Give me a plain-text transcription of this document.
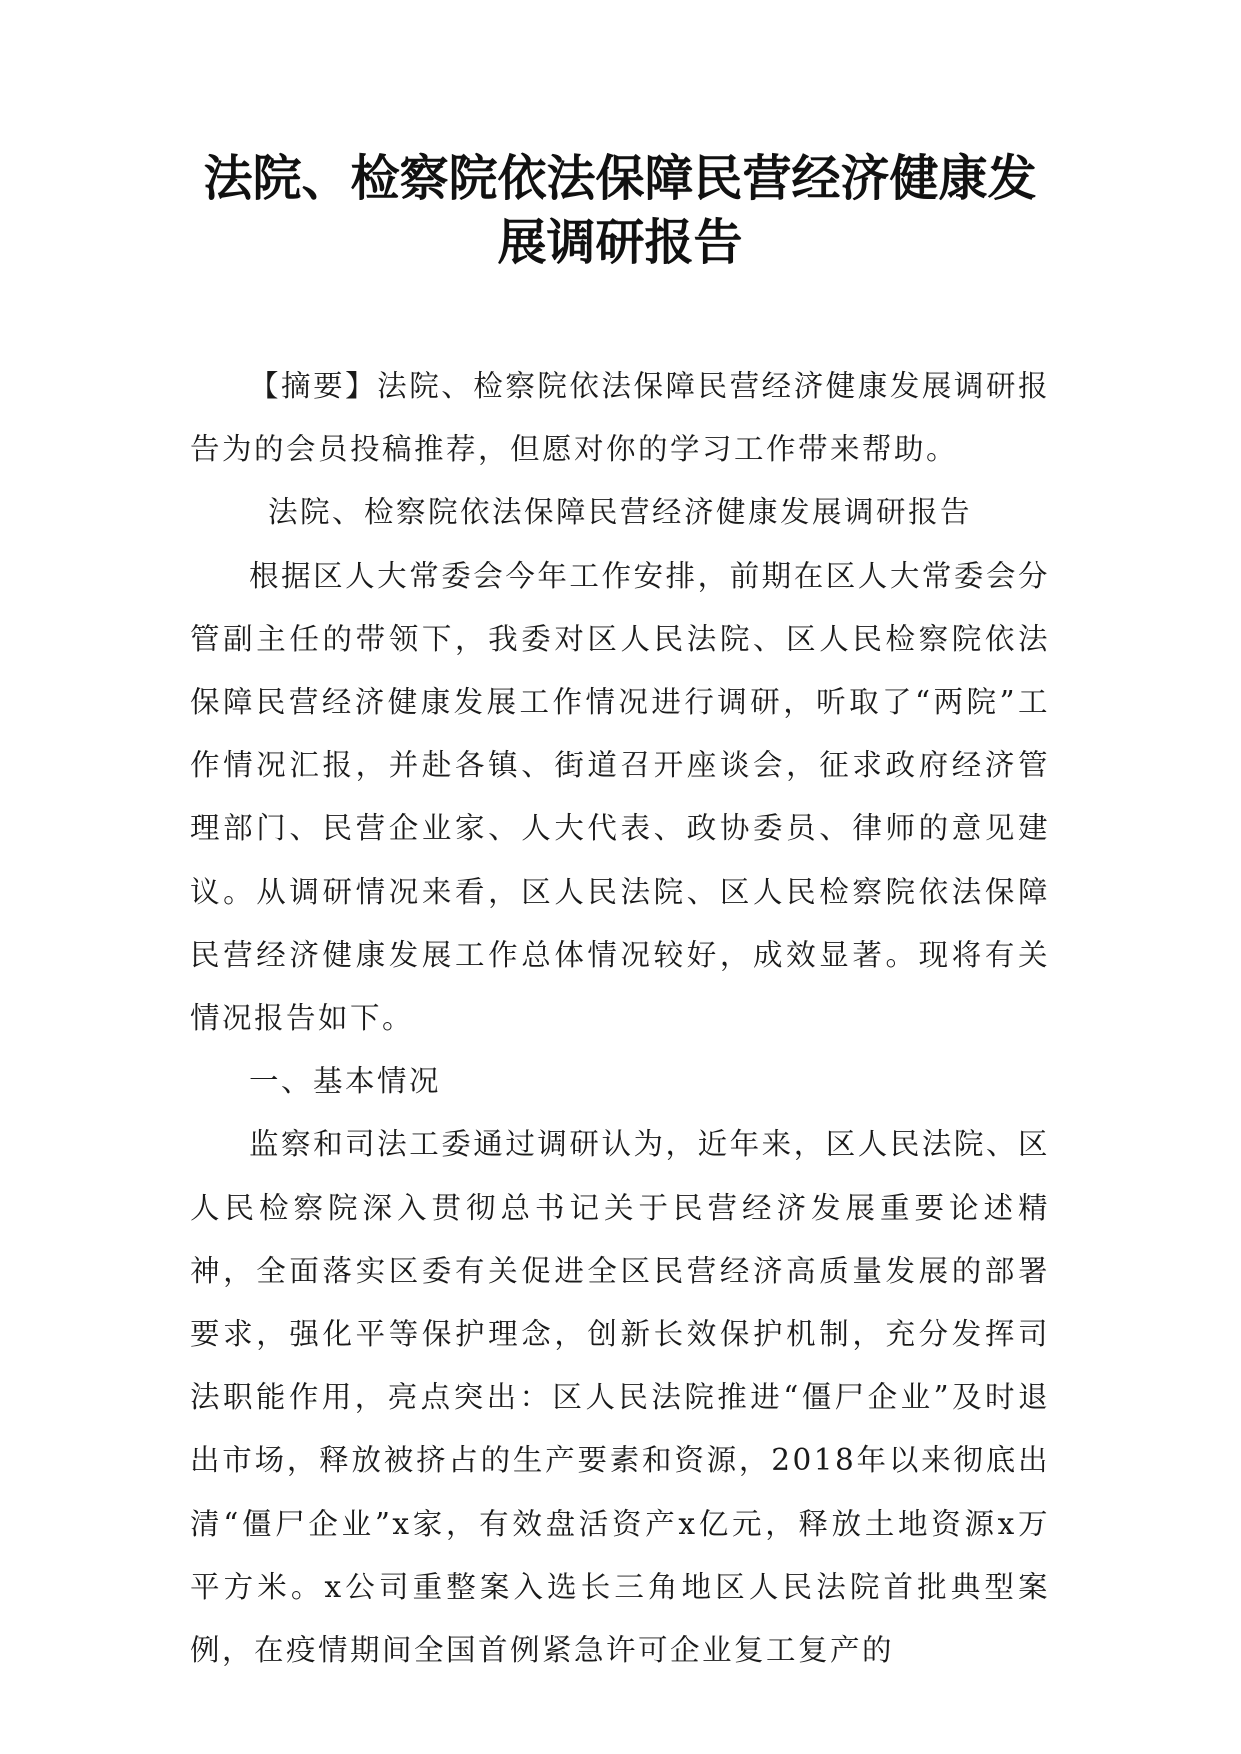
法院、检察院依法保障民营经济健康发展调研报告

【摘要】法院、检察院依法保障民营经济健康发展调研报告为的会员投稿推荐，但愿对你的学习工作带来帮助。

法院、检察院依法保障民营经济健康发展调研报告

根据区人大常委会今年工作安排，前期在区人大常委会分管副主任的带领下，我委对区人民法院、区人民检察院依法保障民营经济健康发展工作情况进行调研，听取了“两院”工作情况汇报，并赴各镇、街道召开座谈会，征求政府经济管理部门、民营企业家、人大代表、政协委员、律师的意见建议。从调研情况来看，区人民法院、区人民检察院依法保障民营经济健康发展工作总体情况较好，成效显著。现将有关情况报告如下。

一、基本情况

监察和司法工委通过调研认为，近年来，区人民法院、区人民检察院深入贯彻总书记关于民营经济发展重要论述精神，全面落实区委有关促进全区民营经济高质量发展的部署要求，强化平等保护理念，创新长效保护机制，充分发挥司法职能作用，亮点突出：区人民法院推进“僵尸企业”及时退出市场，释放被挤占的生产要素和资源，2018年以来彻底出清“僵尸企业”x家，有效盘活资产x亿元，释放土地资源x万平方米。x公司重整案入选长三角地区人民法院首批典型案例，在疫情期间全国首例紧急许可企业复工复产的
